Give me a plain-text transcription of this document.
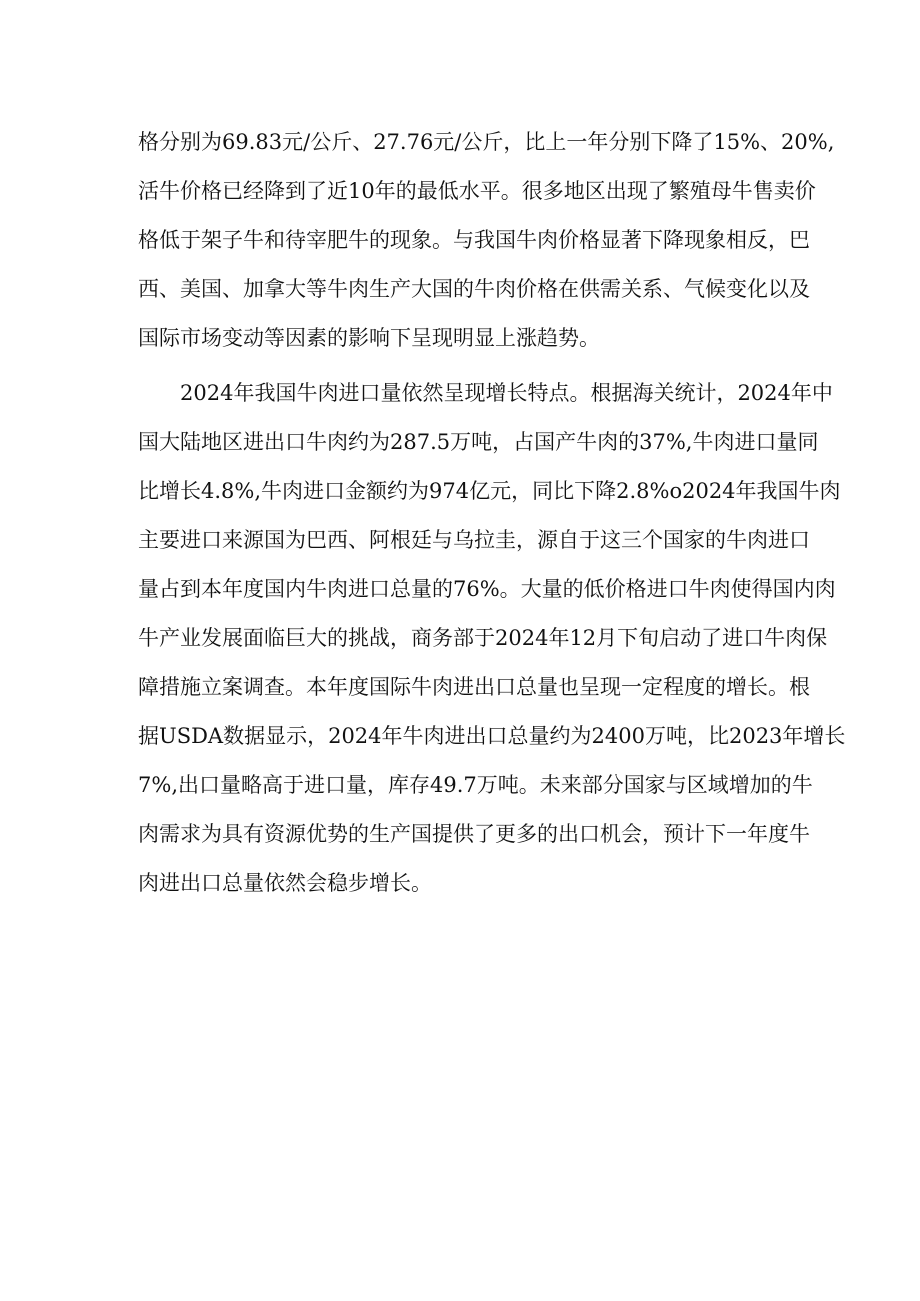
格分别为69.83元/公斤、27.76元/公斤，比上一年分别下降了15%、20%,
活牛价格已经降到了近10年的最低水平。很多地区出现了繁殖母牛售卖价
格低于架子牛和待宰肥牛的现象。与我国牛肉价格显著下降现象相反，巴
西、美国、加拿大等牛肉生产大国的牛肉价格在供需关系、气候变化以及
国际市场变动等因素的影响下呈现明显上涨趋势。

　　2024年我国牛肉进口量依然呈现增长特点。根据海关统计，2024年中
国大陆地区进出口牛肉约为287.5万吨，占国产牛肉的37%,牛肉进口量同
比增长4.8%,牛肉进口金额约为974亿元，同比下降2.8%o2024年我国牛肉
主要进口来源国为巴西、阿根廷与乌拉圭，源自于这三个国家的牛肉进口
量占到本年度国内牛肉进口总量的76%。大量的低价格进口牛肉使得国内肉
牛产业发展面临巨大的挑战，商务部于2024年12月下旬启动了进口牛肉保
障措施立案调查。本年度国际牛肉进出口总量也呈现一定程度的增长。根
据USDA数据显示，2024年牛肉进出口总量约为2400万吨，比2023年增长
7%,出口量略高于进口量，库存49.7万吨。未来部分国家与区域增加的牛
肉需求为具有资源优势的生产国提供了更多的出口机会，预计下一年度牛
肉进出口总量依然会稳步增长。
